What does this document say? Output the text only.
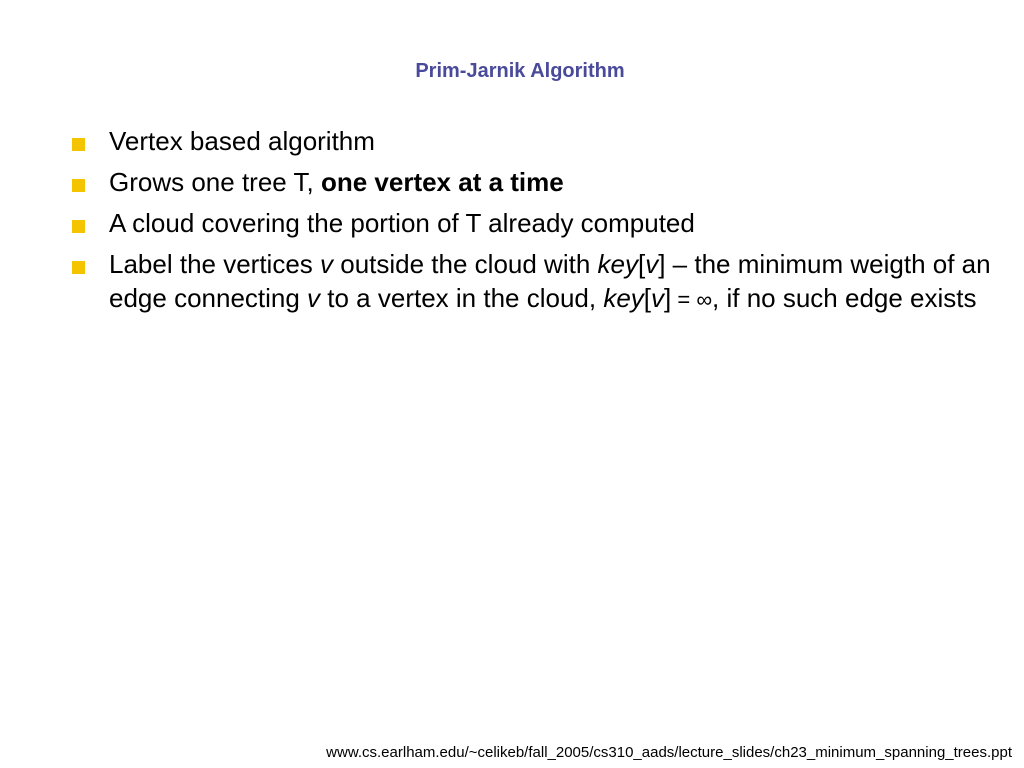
Prim-Jarnik Algorithm
Vertex based algorithm
Grows one tree T, one vertex at a time
A cloud covering the portion of T already computed
Label the vertices v outside the cloud with key[v] – the minimum weigth of an edge connecting v to a vertex in the cloud, key[v] = ∞, if no such edge exists
www.cs.earlham.edu/~celikeb/fall_2005/cs310_aads/lecture_slides/ch23_minimum_spanning_trees.ppt
